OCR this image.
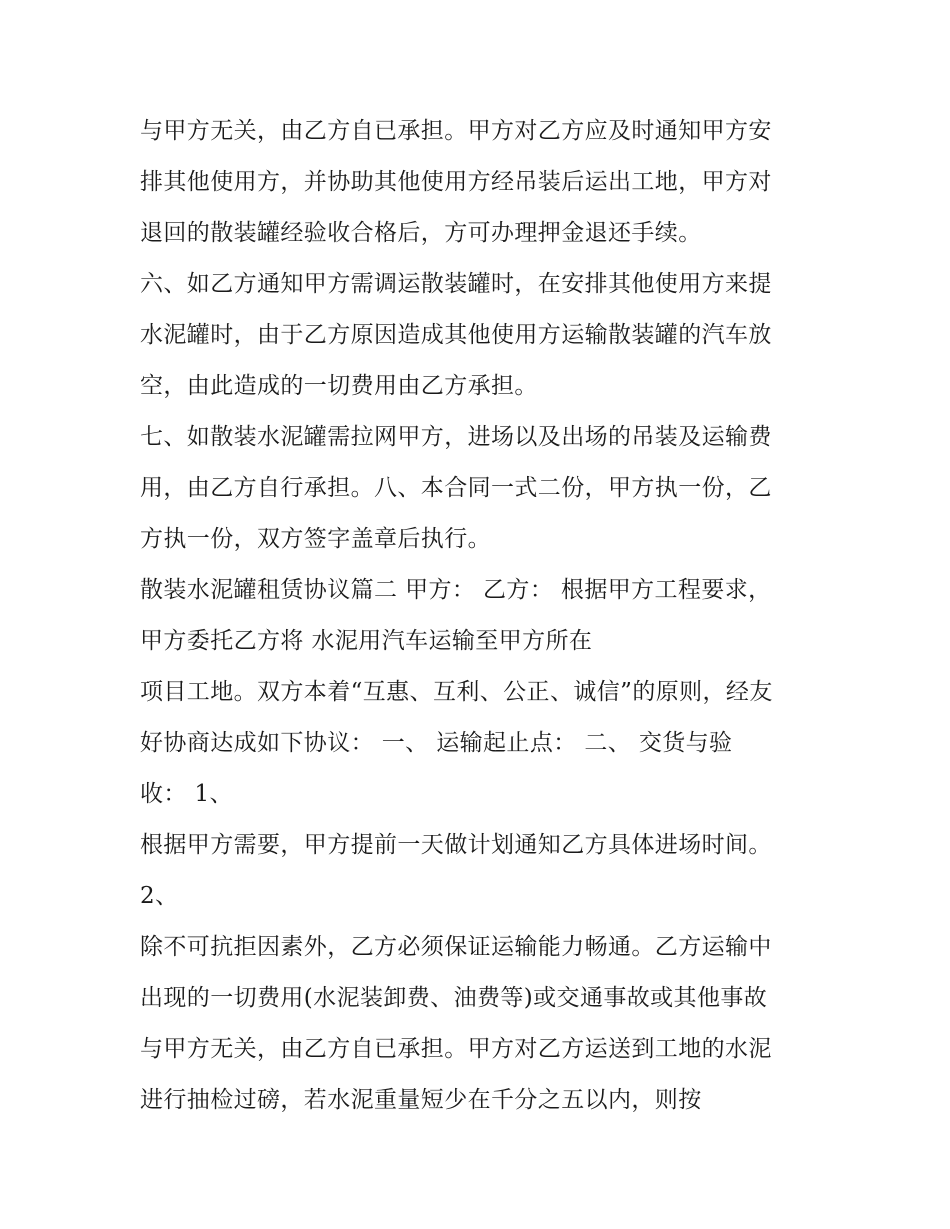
与甲方无关，由乙方自已承担。甲方对乙方应及时通知甲方安
排其他使用方，并协助其他使用方经吊装后运出工地，甲方对
退回的散装罐经验收合格后，方可办理押金退还手续。
六、如乙方通知甲方需调运散装罐时，在安排其他使用方来提
水泥罐时，由于乙方原因造成其他使用方运输散装罐的汽车放
空，由此造成的一切费用由乙方承担。
七、如散装水泥罐需拉网甲方，进场以及出场的吊装及运输费
用，由乙方自行承担。八、本合同一式二份，甲方执一份，乙
方执一份，双方签字盖章后执行。
散装水泥罐租赁协议篇二 甲方： 乙方： 根据甲方工程要求，
甲方委托乙方将 水泥用汽车运输至甲方所在
项目工地。双方本着“互惠、互利、公正、诚信”的原则，经友
好协商达成如下协议： 一、 运输起止点： 二、 交货与验
收： 1、
根据甲方需要，甲方提前一天做计划通知乙方具体进场时间。
2、
除不可抗拒因素外，乙方必须保证运输能力畅通。乙方运输中
出现的一切费用(水泥装卸费、油费等)或交通事故或其他事故
与甲方无关，由乙方自已承担。甲方对乙方运送到工地的水泥
进行抽检过磅，若水泥重量短少在千分之五以内，则按
